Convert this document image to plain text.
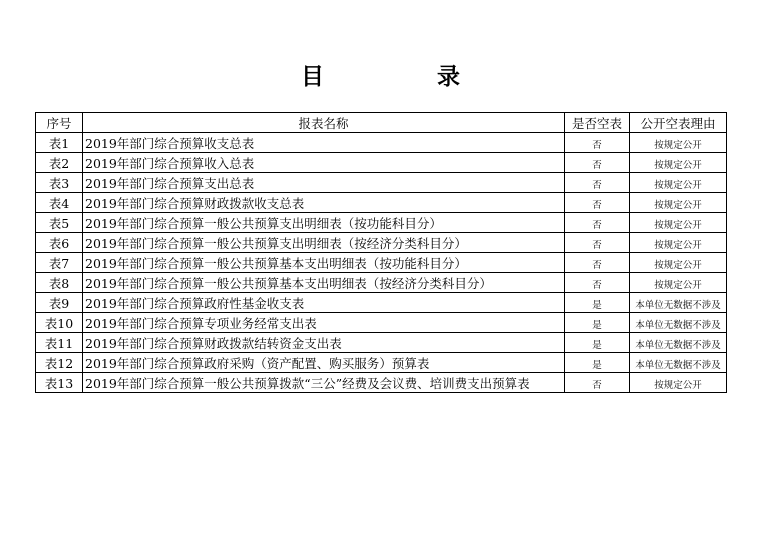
目	录
序号	报表名称	是否空表	公开空表理由
表1	2019年部门综合预算收支总表	否	按规定公开
表2	2019年部门综合预算收入总表	否	按规定公开
表3	2019年部门综合预算支出总表	否	按规定公开
表4	2019年部门综合预算财政拨款收支总表	否	按规定公开
表5	2019年部门综合预算一般公共预算支出明细表（按功能科目分）	否	按规定公开
表6	2019年部门综合预算一般公共预算支出明细表（按经济分类科目分）	否	按规定公开
表7	2019年部门综合预算一般公共预算基本支出明细表（按功能科目分）	否	按规定公开
表8	2019年部门综合预算一般公共预算基本支出明细表（按经济分类科目分）	否	按规定公开
表9	2019年部门综合预算政府性基金收支表	是	本单位无数据不涉及
表10	2019年部门综合预算专项业务经常支出表	是	本单位无数据不涉及
表11	2019年部门综合预算财政拨款结转资金支出表	是	本单位无数据不涉及
表12	2019年部门综合预算政府采购（资产配置、购买服务）预算表	是	本单位无数据不涉及
表13	2019年部门综合预算一般公共预算拨款“三公”经费及会议费、培训费支出预算表	否	按规定公开
